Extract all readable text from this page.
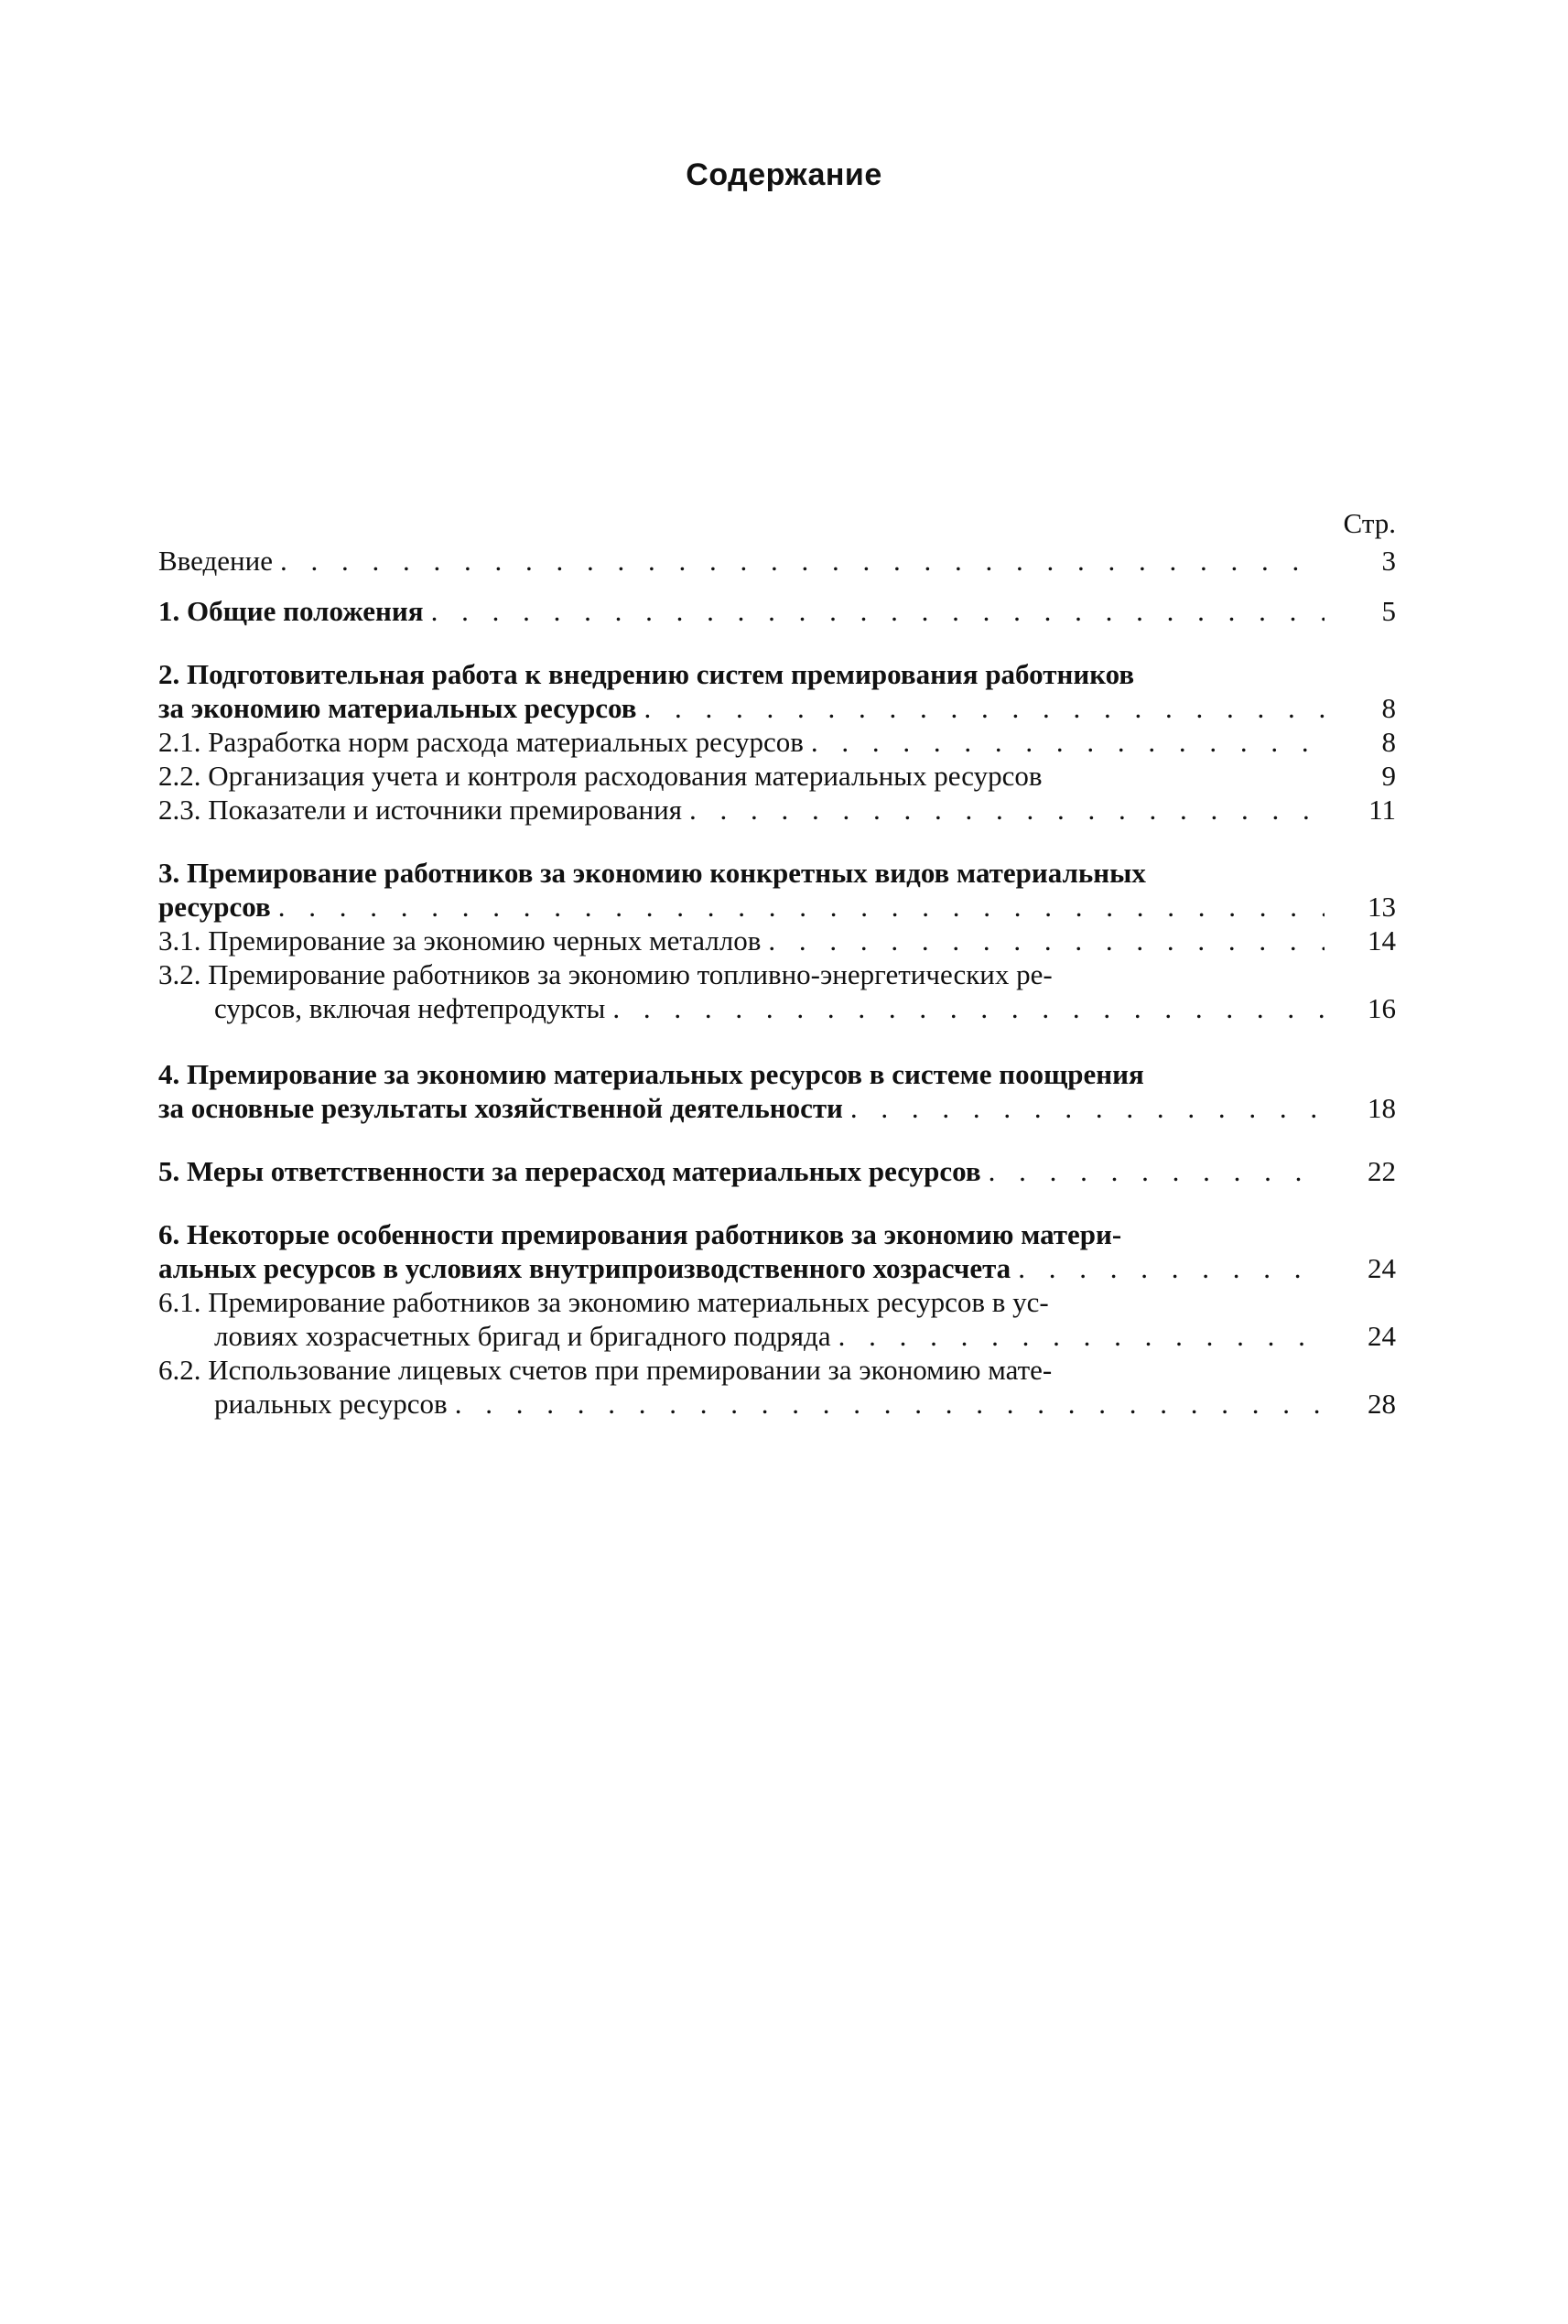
Содержание
Стр.
Введение . . .	3
1. Общие положения . . .	5
2. Подготовительная работа к внедрению систем премирования работников
за экономию материальных ресурсов . . .	8
2.1. Разработка норм расхода материальных ресурсов . . .	8
2.2. Организация учета и контроля расходования материальных ресурсов	9
2.3. Показатели и источники премирования . . .	11
3. Премирование работников за экономию конкретных видов материальных
ресурсов . . .	13
3.1. Премирование за экономию черных металлов . . .	14
3.2. Премирование работников за экономию топливно-энергетических ре-
сурсов, включая нефтепродукты . . .	16
4. Премирование за экономию материальных ресурсов в системе поощрения
за основные результаты хозяйственной деятельности . . .	18
5. Меры ответственности за перерасход материальных ресурсов . . .	22
6. Некоторые особенности премирования работников за экономию матери-
альных ресурсов в условиях внутрипроизводственного хозрасчета . . .	24
6.1. Премирование работников за экономию материальных ресурсов в ус-
ловиях хозрасчетных бригад и бригадного подряда . . .	24
6.2. Использование лицевых счетов при премировании за экономию мате-
риальных ресурсов . . .	28
